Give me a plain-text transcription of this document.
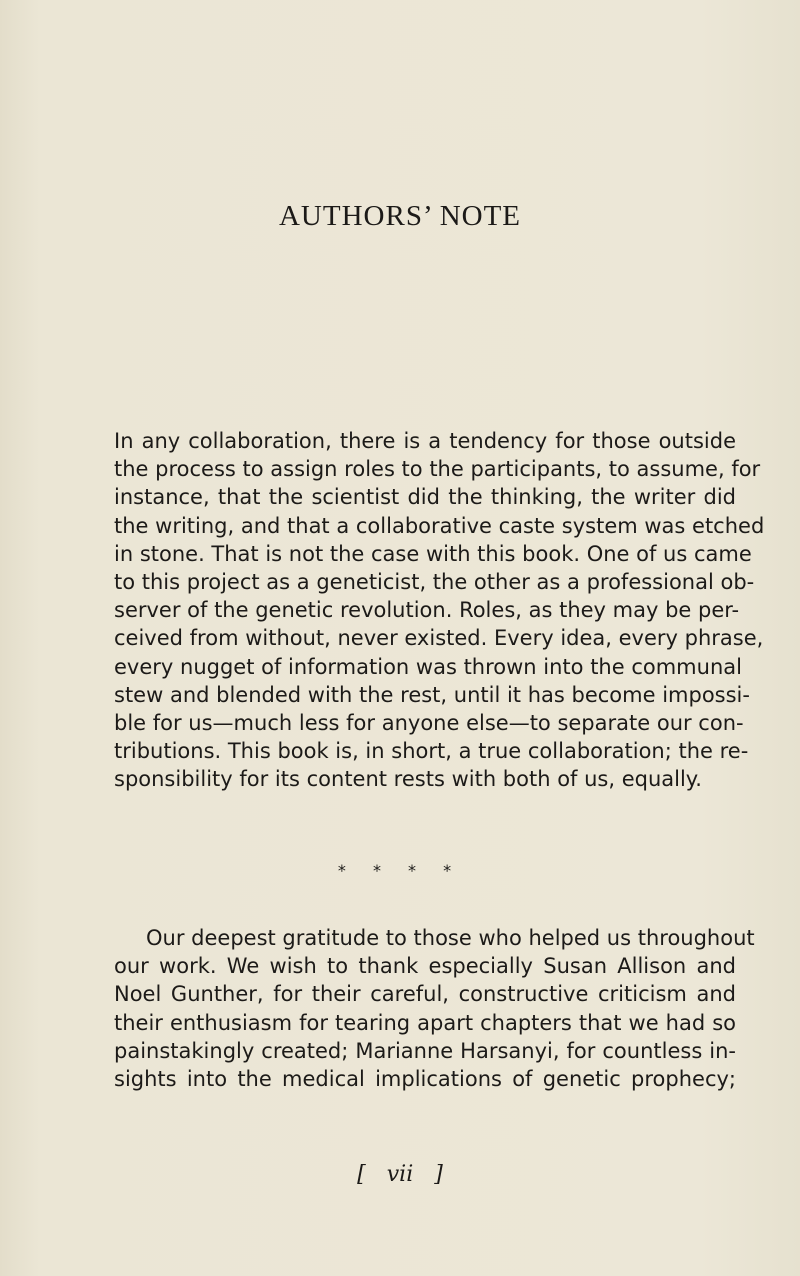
AUTHORS’ NOTE

In any collaboration, there is a tendency for those outside
the process to assign roles to the participants, to assume, for
instance, that the scientist did the thinking, the writer did
the writing, and that a collaborative caste system was etched
in stone. That is not the case with this book. One of us came
to this project as a geneticist, the other as a professional ob-
server of the genetic revolution. Roles, as they may be per-
ceived from without, never existed. Every idea, every phrase,
every nugget of information was thrown into the communal
stew and blended with the rest, until it has become impossi-
ble for us—much less for anyone else—to separate our con-
tributions. This book is, in short, a true collaboration; the re-
sponsibility for its content rests with both of us, equally.

* * * *

Our deepest gratitude to those who helped us throughout
our work. We wish to thank especially Susan Allison and
Noel Gunther, for their careful, constructive criticism and
their enthusiasm for tearing apart chapters that we had so
painstakingly created; Marianne Harsanyi, for countless in-
sights into the medical implications of genetic prophecy;

[ vii ]
